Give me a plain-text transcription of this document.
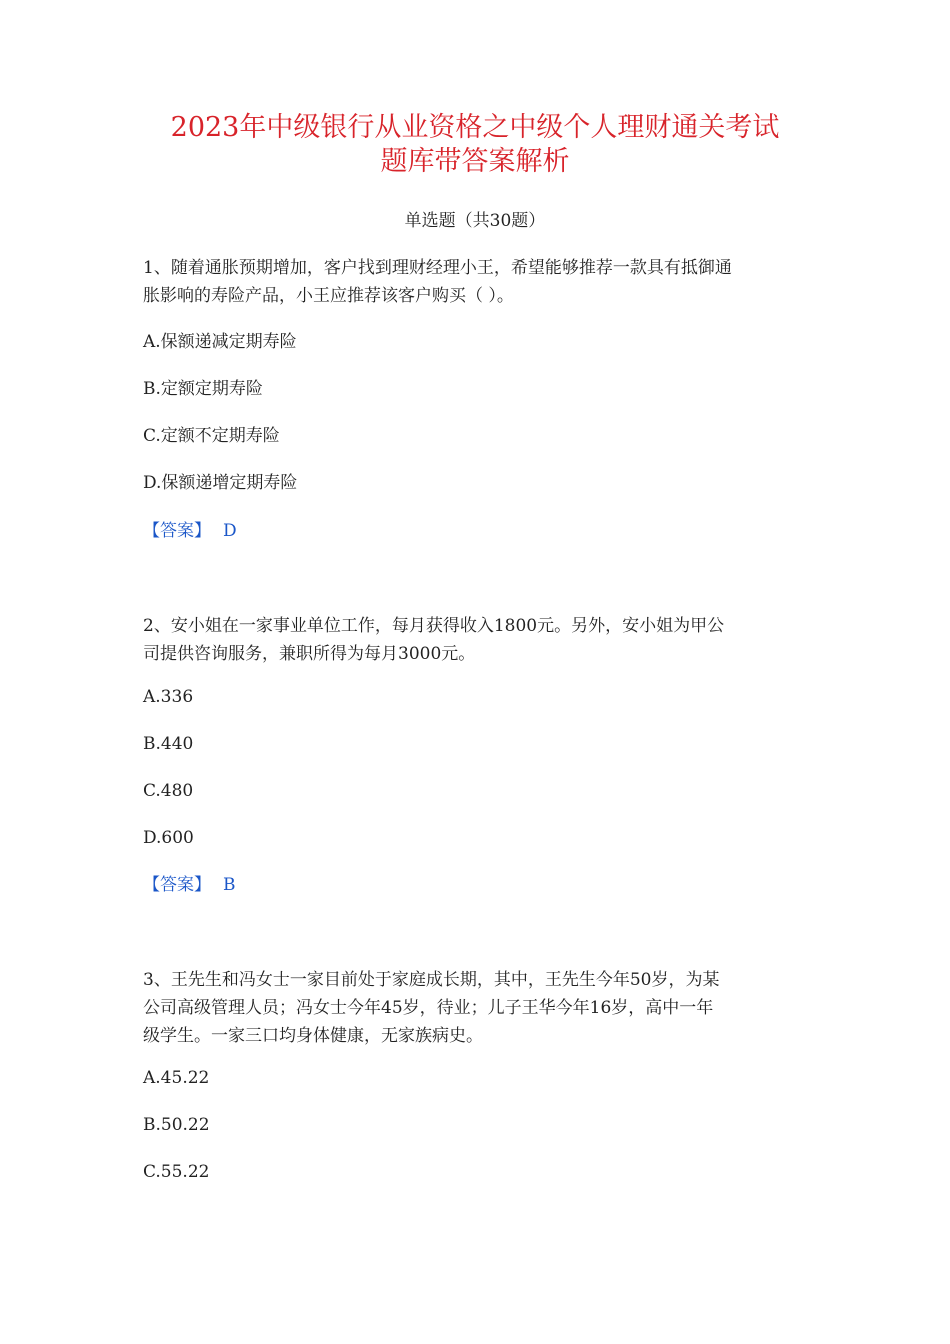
2023年中级银行从业资格之中级个人理财通关考试
题库带答案解析
单选题（共30题）
1、随着通胀预期增加，客户找到理财经理小王，希望能够推荐一款具有抵御通
胀影响的寿险产品，小王应推荐该客户购买（ ）。
A.保额递减定期寿险
B.定额定期寿险
C.定额不定期寿险
D.保额递增定期寿险
【答案】 D
2、安小姐在一家事业单位工作，每月获得收入1800元。另外，安小姐为甲公
司提供咨询服务，兼职所得为每月3000元。
A.336
B.440
C.480
D.600
【答案】 B
3、王先生和冯女士一家目前处于家庭成长期，其中，王先生今年50岁，为某
公司高级管理人员；冯女士今年45岁，待业；儿子王华今年16岁，高中一年
级学生。一家三口均身体健康，无家族病史。
A.45.22
B.50.22
C.55.22
